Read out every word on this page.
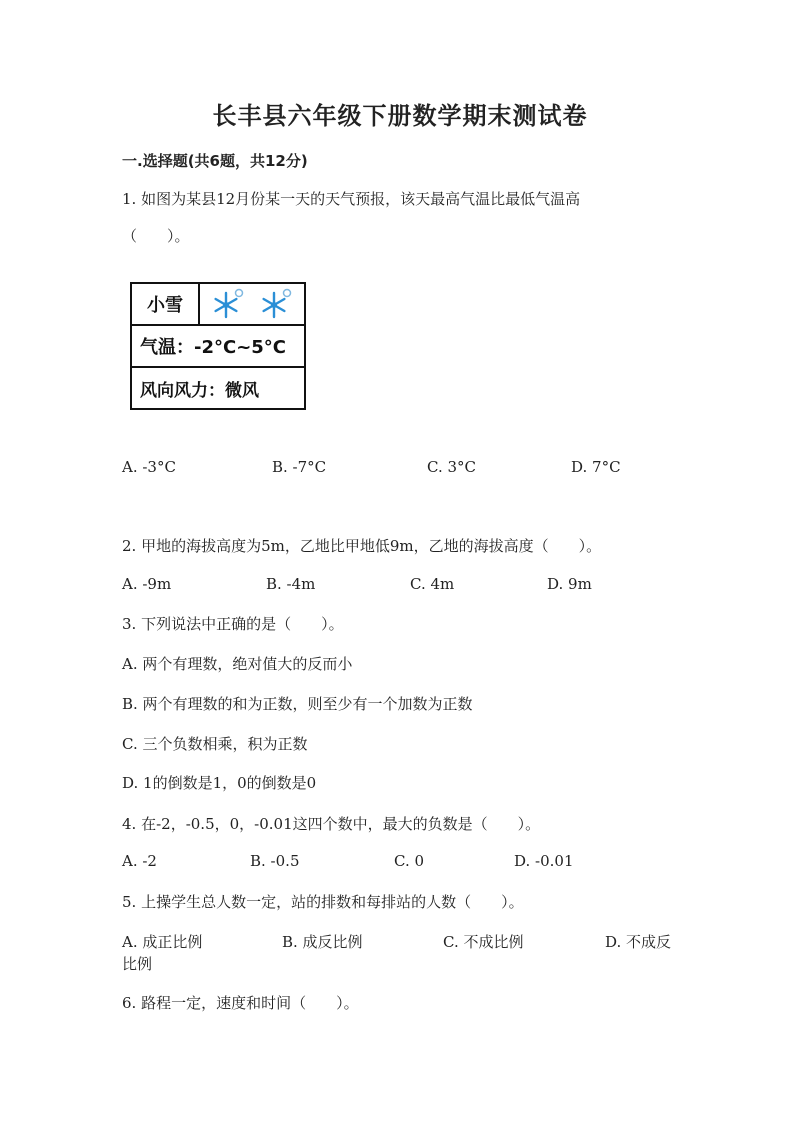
长丰县六年级下册数学期末测试卷
一.选择题(共6题，共12分)
1. 如图为某县12月份某一天的天气预报，该天最高气温比最低气温高
（　　）。
小雪
气温：-2°C~5°C
风向风力：微风
A. -3°C	B. -7°C	C. 3°C	D. 7°C
2. 甲地的海拔高度为5m，乙地比甲地低9m，乙地的海拔高度（　　）。
A. -9m	B. -4m	C. 4m	D. 9m
3. 下列说法中正确的是（　　）。
A. 两个有理数，绝对值大的反而小
B. 两个有理数的和为正数，则至少有一个加数为正数
C. 三个负数相乘，积为正数
D. 1的倒数是1，0的倒数是0
4. 在-2，-0.5，0，-0.01这四个数中，最大的负数是（　　）。
A. -2	B. -0.5	C. 0	D. -0.01
5. 上操学生总人数一定，站的排数和每排站的人数（　　）。
A. 成正比例	B. 成反比例	C. 不成比例	D. 不成反
比例
6. 路程一定，速度和时间（　　）。
